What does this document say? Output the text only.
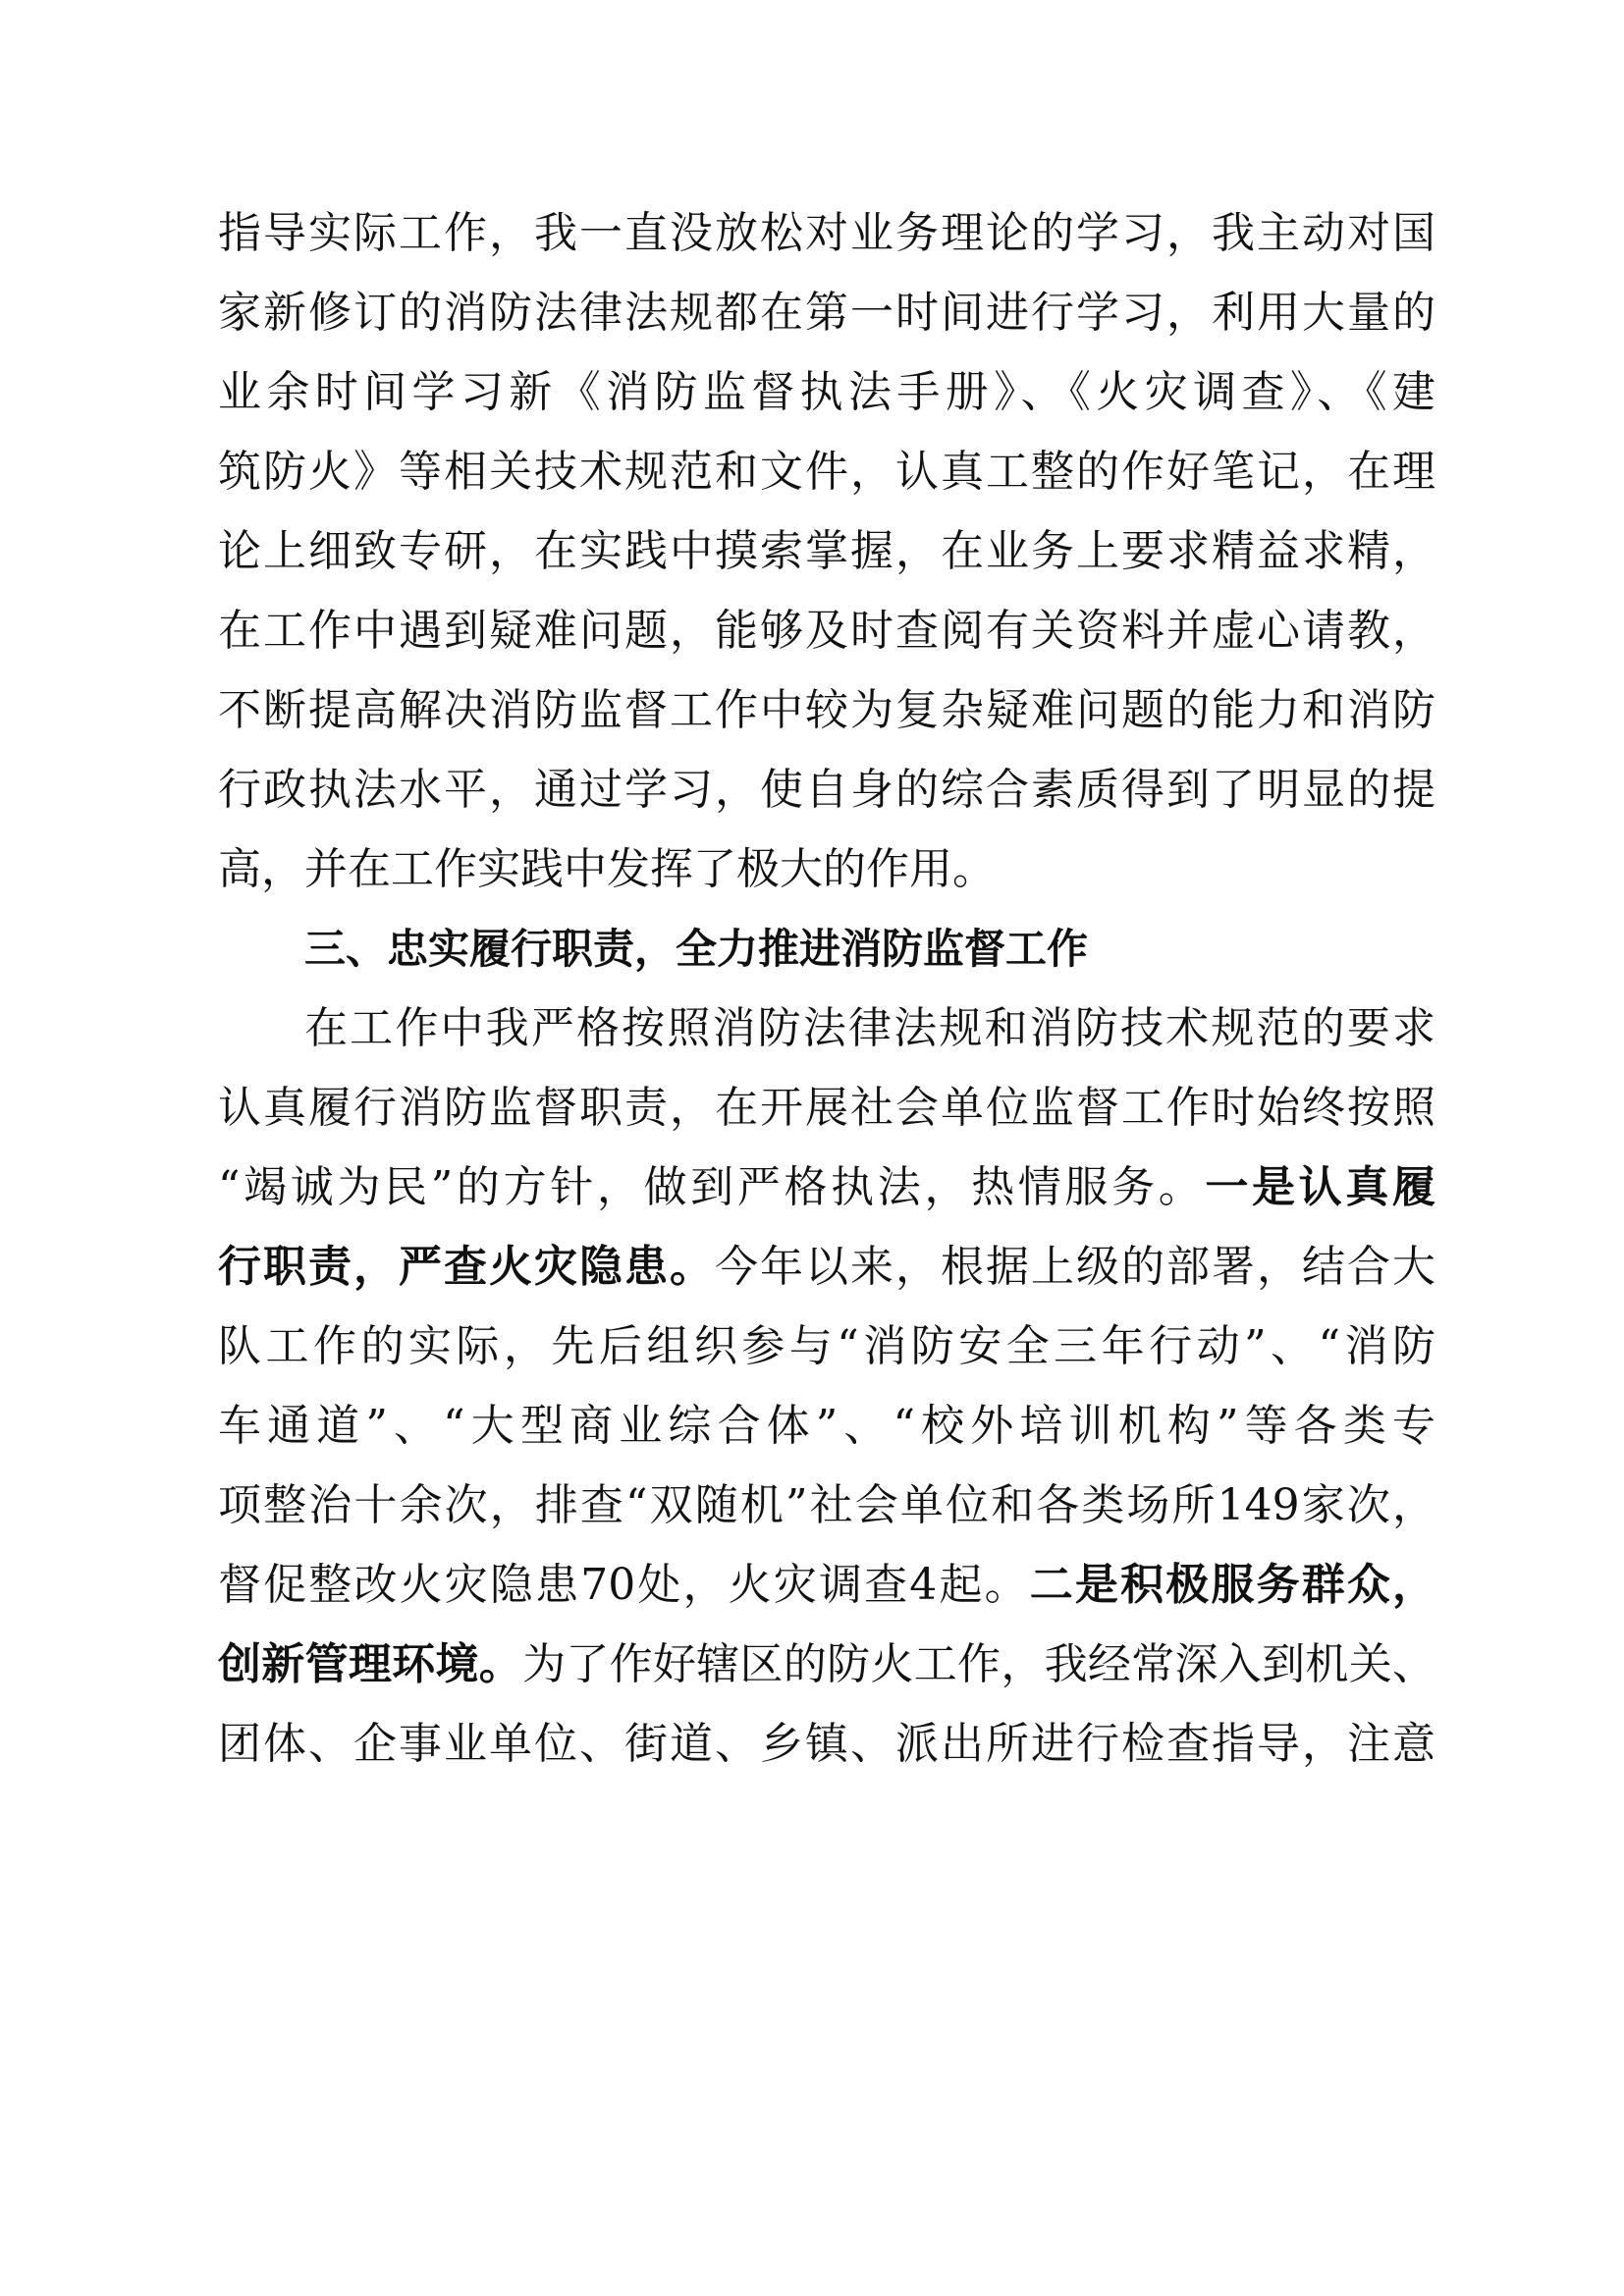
指导实际工作，我一直没放松对业务理论的学习，我主动对国

家新修订的消防法律法规都在第一时间进行学习，利用大量的

业余时间学习新《消防监督执法手册》、《火灾调查》、《建

筑防火》等相关技术规范和文件，认真工整的作好笔记，在理

论上细致专研，在实践中摸索掌握，在业务上要求精益求精，

在工作中遇到疑难问题，能够及时查阅有关资料并虚心请教，

不断提高解决消防监督工作中较为复杂疑难问题的能力和消防

行政执法水平，通过学习，使自身的综合素质得到了明显的提

高，并在工作实践中发挥了极大的作用。

三、忠实履行职责，全力推进消防监督工作

在工作中我严格按照消防法律法规和消防技术规范的要求

认真履行消防监督职责，在开展社会单位监督工作时始终按照

“竭诚为民”的方针，做到严格执法，热情服务。一是认真履

行职责，严查火灾隐患。今年以来，根据上级的部署，结合大

队工作的实际，先后组织参与“消防安全三年行动”、“消防

车通道”、“大型商业综合体”、“校外培训机构”等各类专

项整治十余次，排查“双随机”社会单位和各类场所149家次，

督促整改火灾隐患70处，火灾调查4起。二是积极服务群众，

创新管理环境。为了作好辖区的防火工作，我经常深入到机关、

团体、企事业单位、街道、乡镇、派出所进行检查指导，注意
